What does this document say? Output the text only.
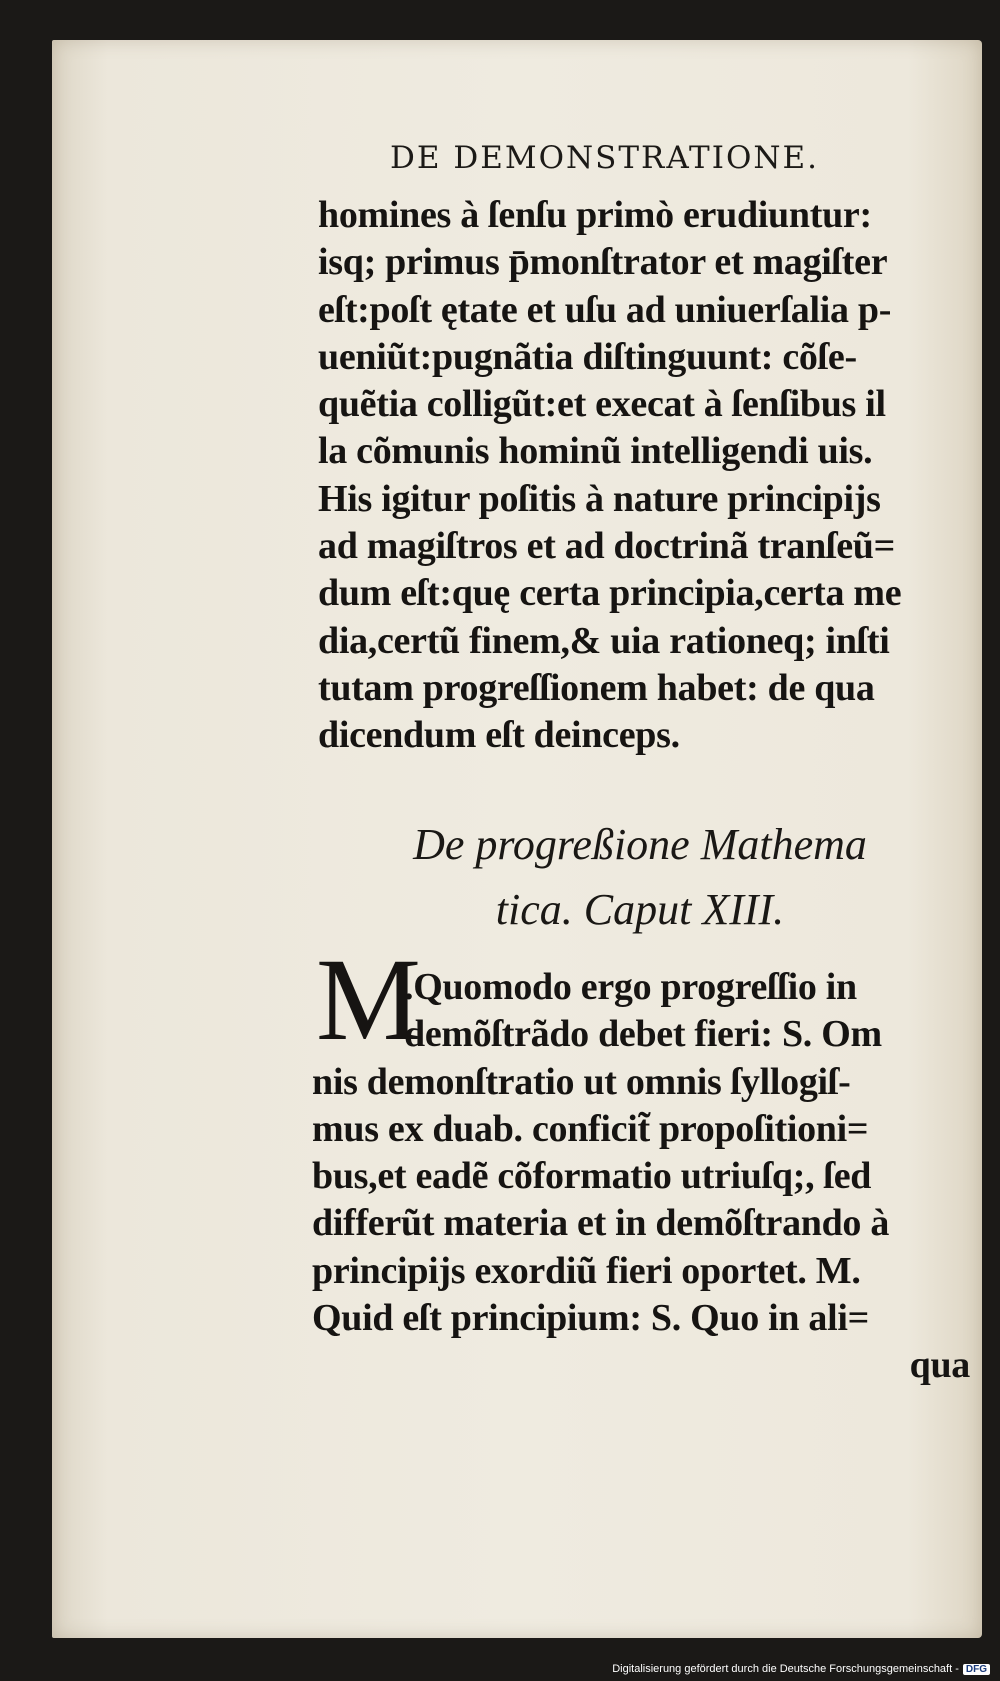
DE DEMONSTRATIONE.
homines à ſenſu primò erudiuntur:
isq; primus p̄monſtrator et magiſter
eſt:poſt ętate et uſu ad uniuerſalia p-
ueniũt:pugnãtia diſtinguunt: cõſe-
quẽtia colligũt:et execat à ſenſibus il
la cõmunis hominũ intelligendi uis.
His igitur poſitis à nature principijs
ad magiſtros et ad doctrinã tranſeũ=
dum eſt:quę certa principia,certa me
dia,certũ finem,& uia rationeq; inſti
tutam progreſſionem habet: de qua
dicendum eſt deinceps.
De progreßione Mathema
tica. Caput XIII.
M
.Quomodo ergo progreſſio in
demõſtrãdo debet fieri: S. Om
nis demonſtratio ut omnis ſyllogiſ-
mus ex duab. conficit̃ propoſitioni=
bus,et eadẽ cõformatio utriuſq;, ſed
differũt materia et in demõſtrando à
principijs exordiũ fieri oportet. M.
Quid eſt principium: S. Quo in ali=
qua
Digitalisierung gefördert durch die Deutsche Forschungsgemeinschaft - DFG
